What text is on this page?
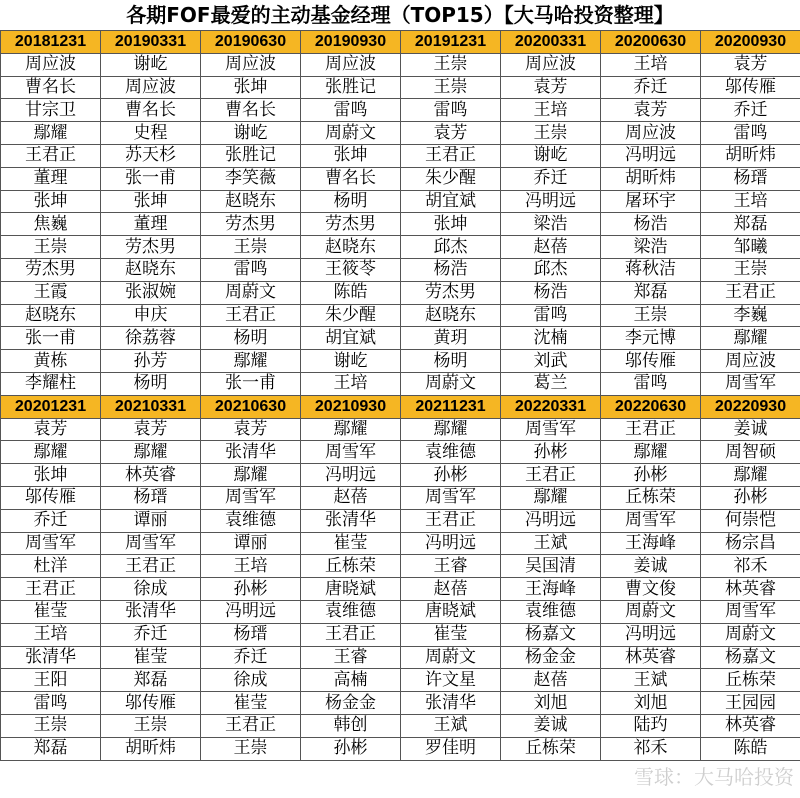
各期FOF最爱的主动基金经理（TOP15）【大马哈投资整理】
20181231	20190331	20190630	20190930	20191231	20200331	20200630	20200930
周应波	谢屹	周应波	周应波	王崇	周应波	王培	袁芳
曹名长	周应波	张坤	张胜记	王崇	袁芳	乔迁	邬传雁
甘宗卫	曹名长	曹名长	雷鸣	雷鸣	王培	袁芳	乔迁
鄢耀	史程	谢屹	周蔚文	袁芳	王崇	周应波	雷鸣
王君正	苏天杉	张胜记	张坤	王君正	谢屹	冯明远	胡昕炜
董理	张一甫	李笑薇	曹名长	朱少醒	乔迁	胡昕炜	杨瑨
张坤	张坤	赵晓东	杨明	胡宜斌	冯明远	屠环宇	王培
焦巍	董理	劳杰男	劳杰男	张坤	梁浩	杨浩	郑磊
王崇	劳杰男	王崇	赵晓东	邱杰	赵蓓	梁浩	邹曦
劳杰男	赵晓东	雷鸣	王筱苓	杨浩	邱杰	蒋秋洁	王崇
王霞	张淑婉	周蔚文	陈皓	劳杰男	杨浩	郑磊	王君正
赵晓东	申庆	王君正	朱少醒	赵晓东	雷鸣	王崇	李巍
张一甫	徐荔蓉	杨明	胡宜斌	黄玥	沈楠	李元博	鄢耀
黄栋	孙芳	鄢耀	谢屹	杨明	刘武	邬传雁	周应波
李耀柱	杨明	张一甫	王培	周蔚文	葛兰	雷鸣	周雪军
20201231	20210331	20210630	20210930	20211231	20220331	20220630	20220930
袁芳	袁芳	袁芳	鄢耀	鄢耀	周雪军	王君正	姜诚
鄢耀	鄢耀	张清华	周雪军	袁维德	孙彬	鄢耀	周智硕
张坤	林英睿	鄢耀	冯明远	孙彬	王君正	孙彬	鄢耀
邬传雁	杨瑨	周雪军	赵蓓	周雪军	鄢耀	丘栋荣	孙彬
乔迁	谭丽	袁维德	张清华	王君正	冯明远	周雪军	何崇恺
周雪军	周雪军	谭丽	崔莹	冯明远	王斌	王海峰	杨宗昌
杜洋	王君正	王培	丘栋荣	王睿	吴国清	姜诚	祁禾
王君正	徐成	孙彬	唐晓斌	赵蓓	王海峰	曹文俊	林英睿
崔莹	张清华	冯明远	袁维德	唐晓斌	袁维德	周蔚文	周雪军
王培	乔迁	杨瑨	王君正	崔莹	杨嘉文	冯明远	周蔚文
张清华	崔莹	乔迁	王睿	周蔚文	杨金金	林英睿	杨嘉文
王阳	郑磊	徐成	高楠	许文星	赵蓓	王斌	丘栋荣
雷鸣	邬传雁	崔莹	杨金金	张清华	刘旭	刘旭	王园园
王崇	王崇	王君正	韩创	王斌	姜诚	陆玓	林英睿
郑磊	胡昕炜	王崇	孙彬	罗佳明	丘栋荣	祁禾	陈皓
雪球：大马哈投资
